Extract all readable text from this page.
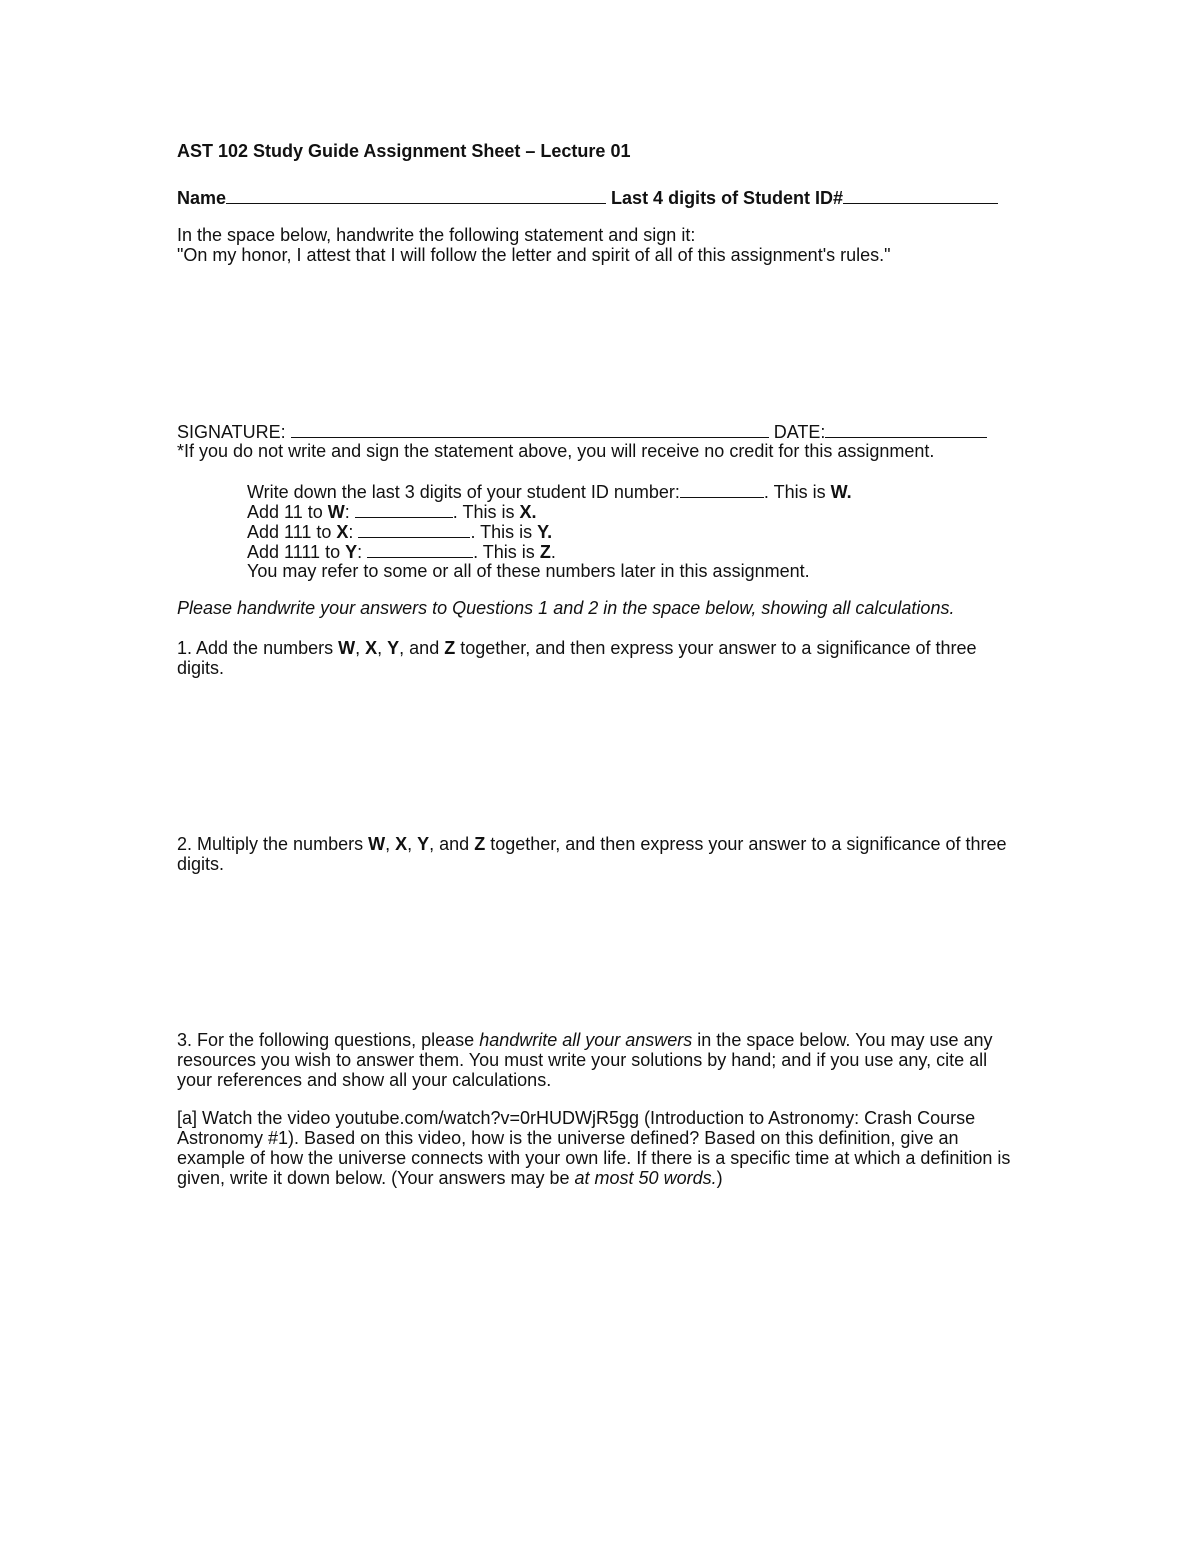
AST 102 Study Guide Assignment Sheet – Lecture 01
Name	Last 4 digits of Student ID#
In the space below, handwrite the following statement and sign it:
"On my honor, I attest that I will follow the letter and spirit of all of this assignment's rules."
SIGNATURE:	DATE:
*If you do not write and sign the statement above, you will receive no credit for this assignment.
Write down the last 3 digits of your student ID number:	. This is W.
Add 11 to W:	. This is X.
Add 111 to X:	. This is Y.
Add 1111 to Y:	. This is Z.
You may refer to some or all of these numbers later in this assignment.
Please handwrite your answers to Questions 1 and 2 in the space below, showing all calculations.
1. Add the numbers W, X, Y, and Z together, and then express your answer to a significance of three digits.
2. Multiply the numbers W, X, Y, and Z together, and then express your answer to a significance of three digits.
3. For the following questions, please handwrite all your answers in the space below. You may use any resources you wish to answer them. You must write your solutions by hand; and if you use any, cite all your references and show all your calculations.
[a] Watch the video youtube.com/watch?v=0rHUDWjR5gg (Introduction to Astronomy: Crash Course Astronomy #1). Based on this video, how is the universe defined? Based on this definition, give an example of how the universe connects with your own life. If there is a specific time at which a definition is given, write it down below. (Your answers may be at most 50 words.)
